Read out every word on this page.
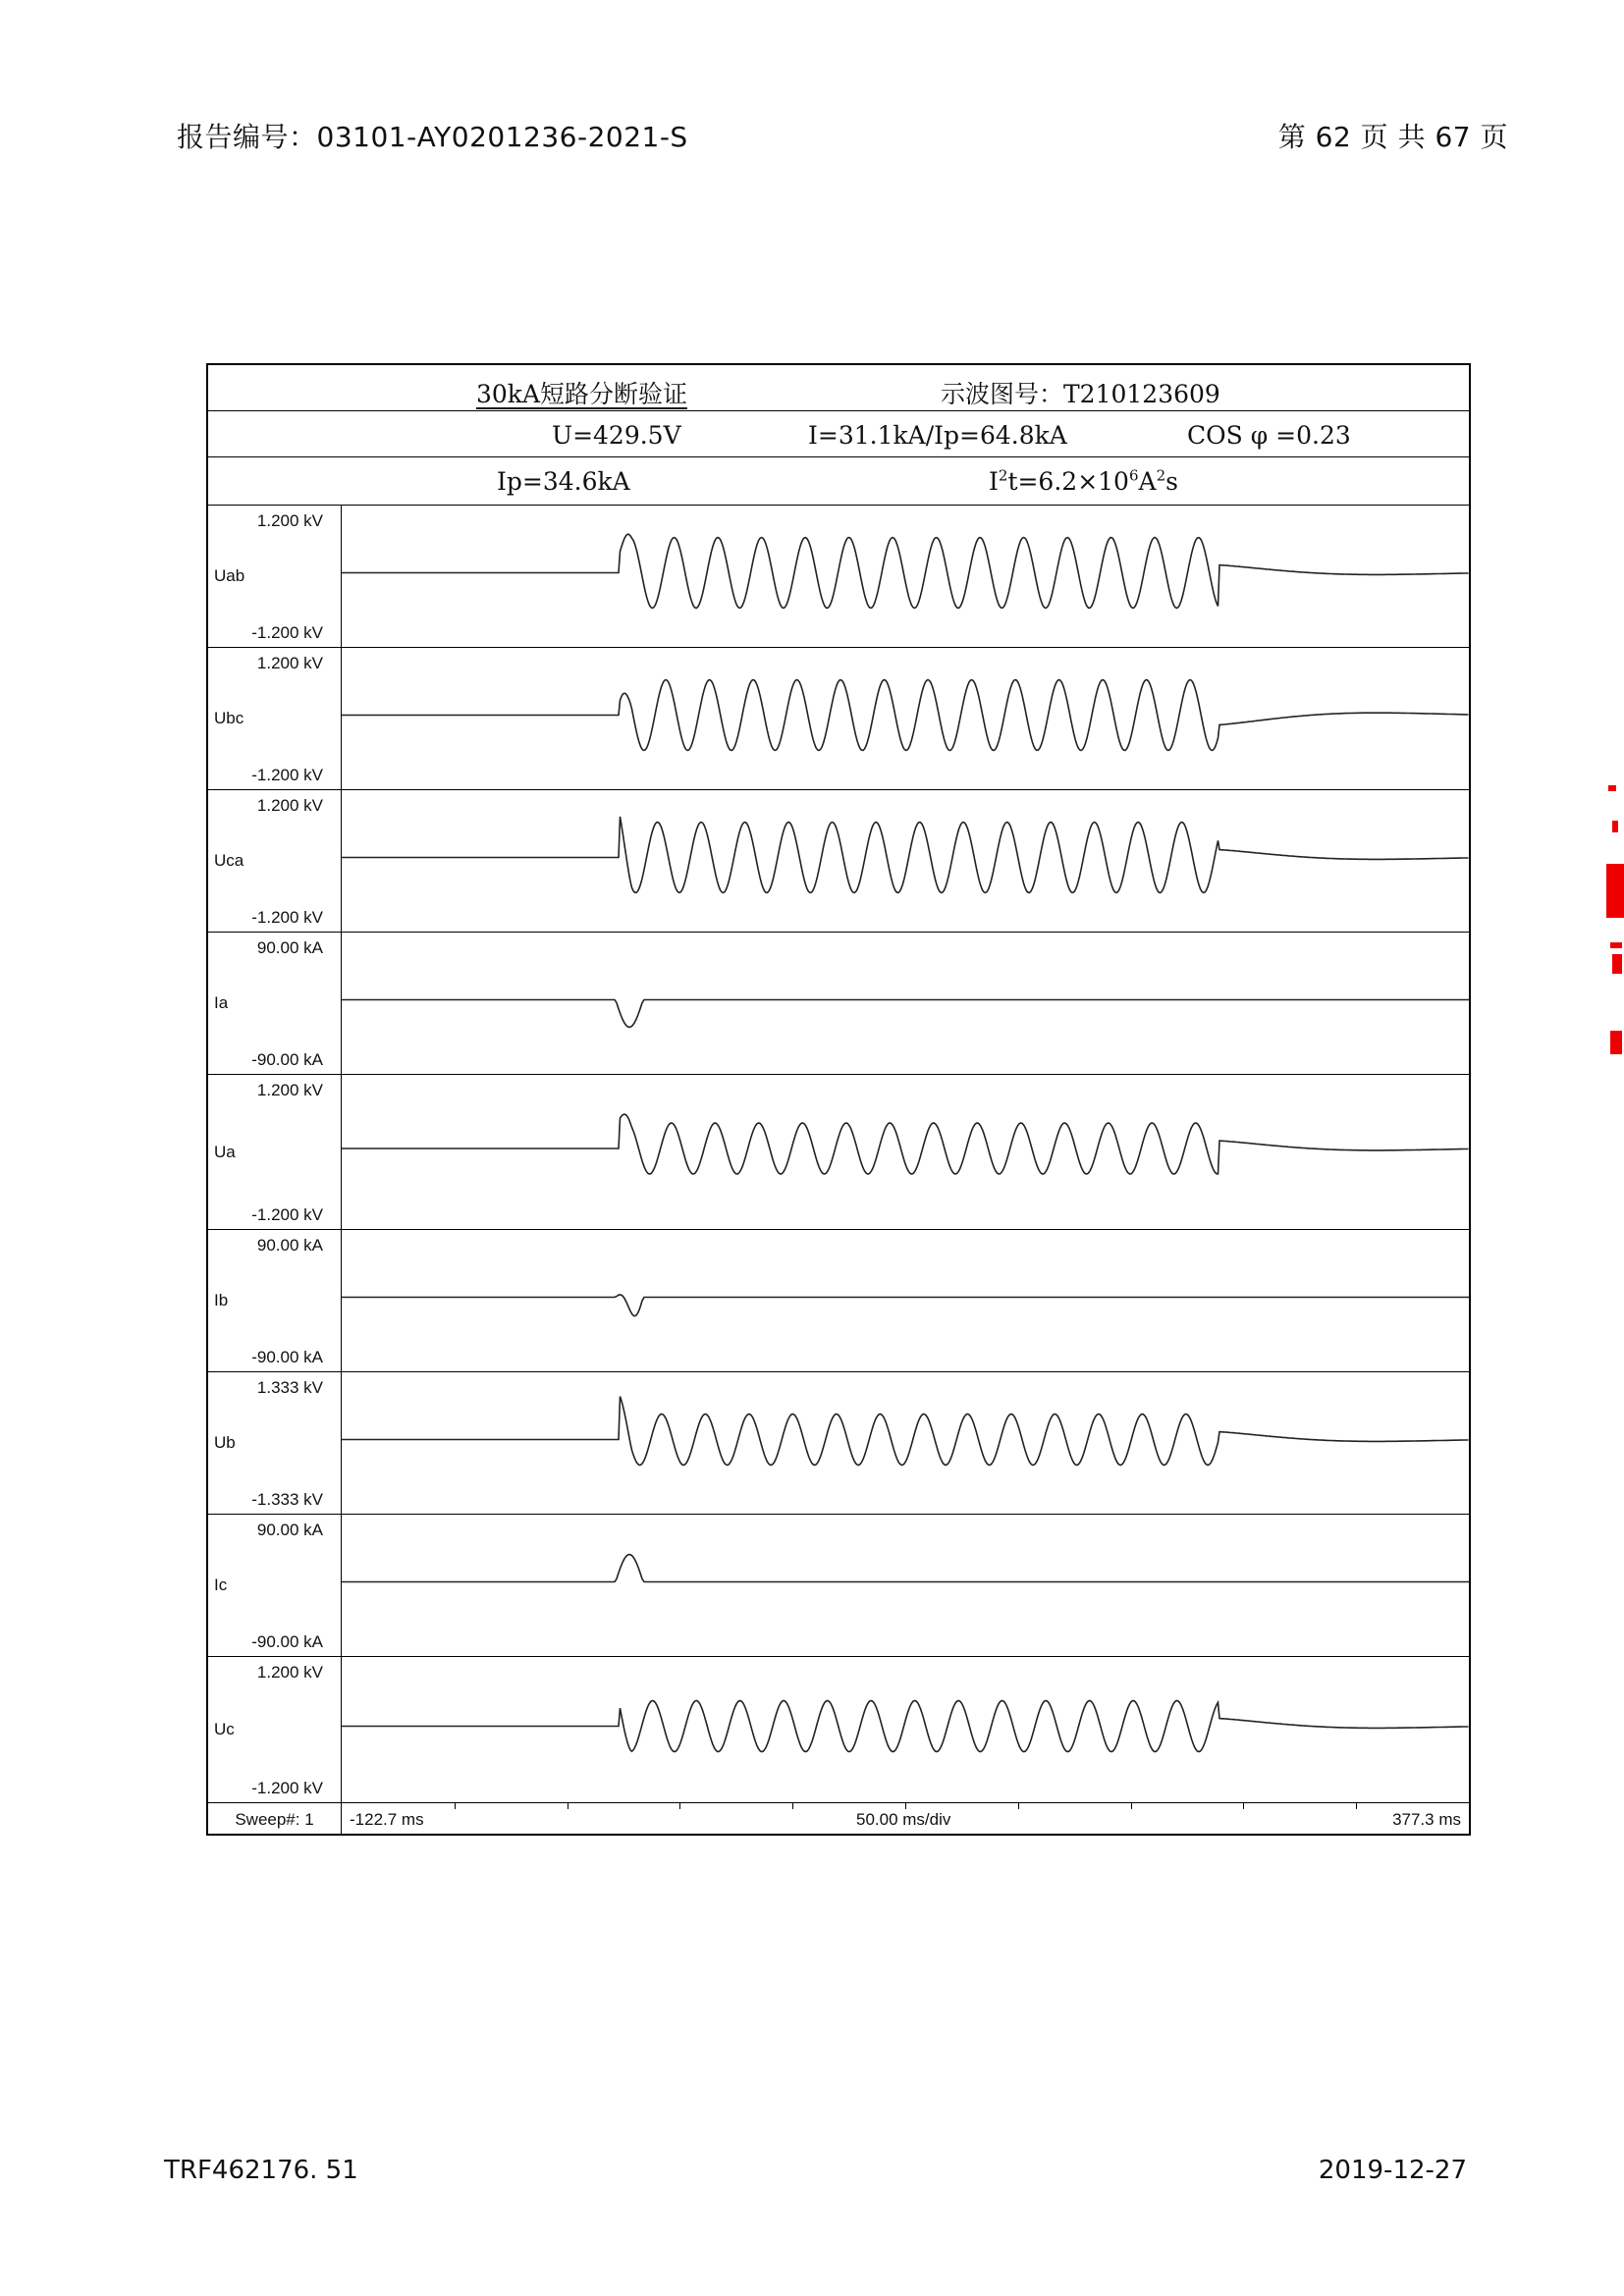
报告编号：03101-AY0201236-2021-S	第 62 页 共 67 页
30kA短路分断验证	示波图号：T210123609
U=429.5V	I=31.1kA/Ip=64.8kA	COS φ =0.23
Ip=34.6kA	$I^2t=6.2\times 10^6A^2s$
1.200 kV
Uab
-1.200 kV
1.200 kV
Ubc
-1.200 kV
1.200 kV
Uca
-1.200 kV
90.00 kA
Ia
-90.00 kA
1.200 kV
Ua
-1.200 kV
90.00 kA
Ib
-90.00 kA
1.333 kV
Ub
-1.333 kV
90.00 kA
Ic
-90.00 kA
1.200 kV
Uc
-1.200 kV
Sweep#: 1	-122.7 ms	50.00 ms/div	377.3 ms
TRF462176. 51	2019-12-27
